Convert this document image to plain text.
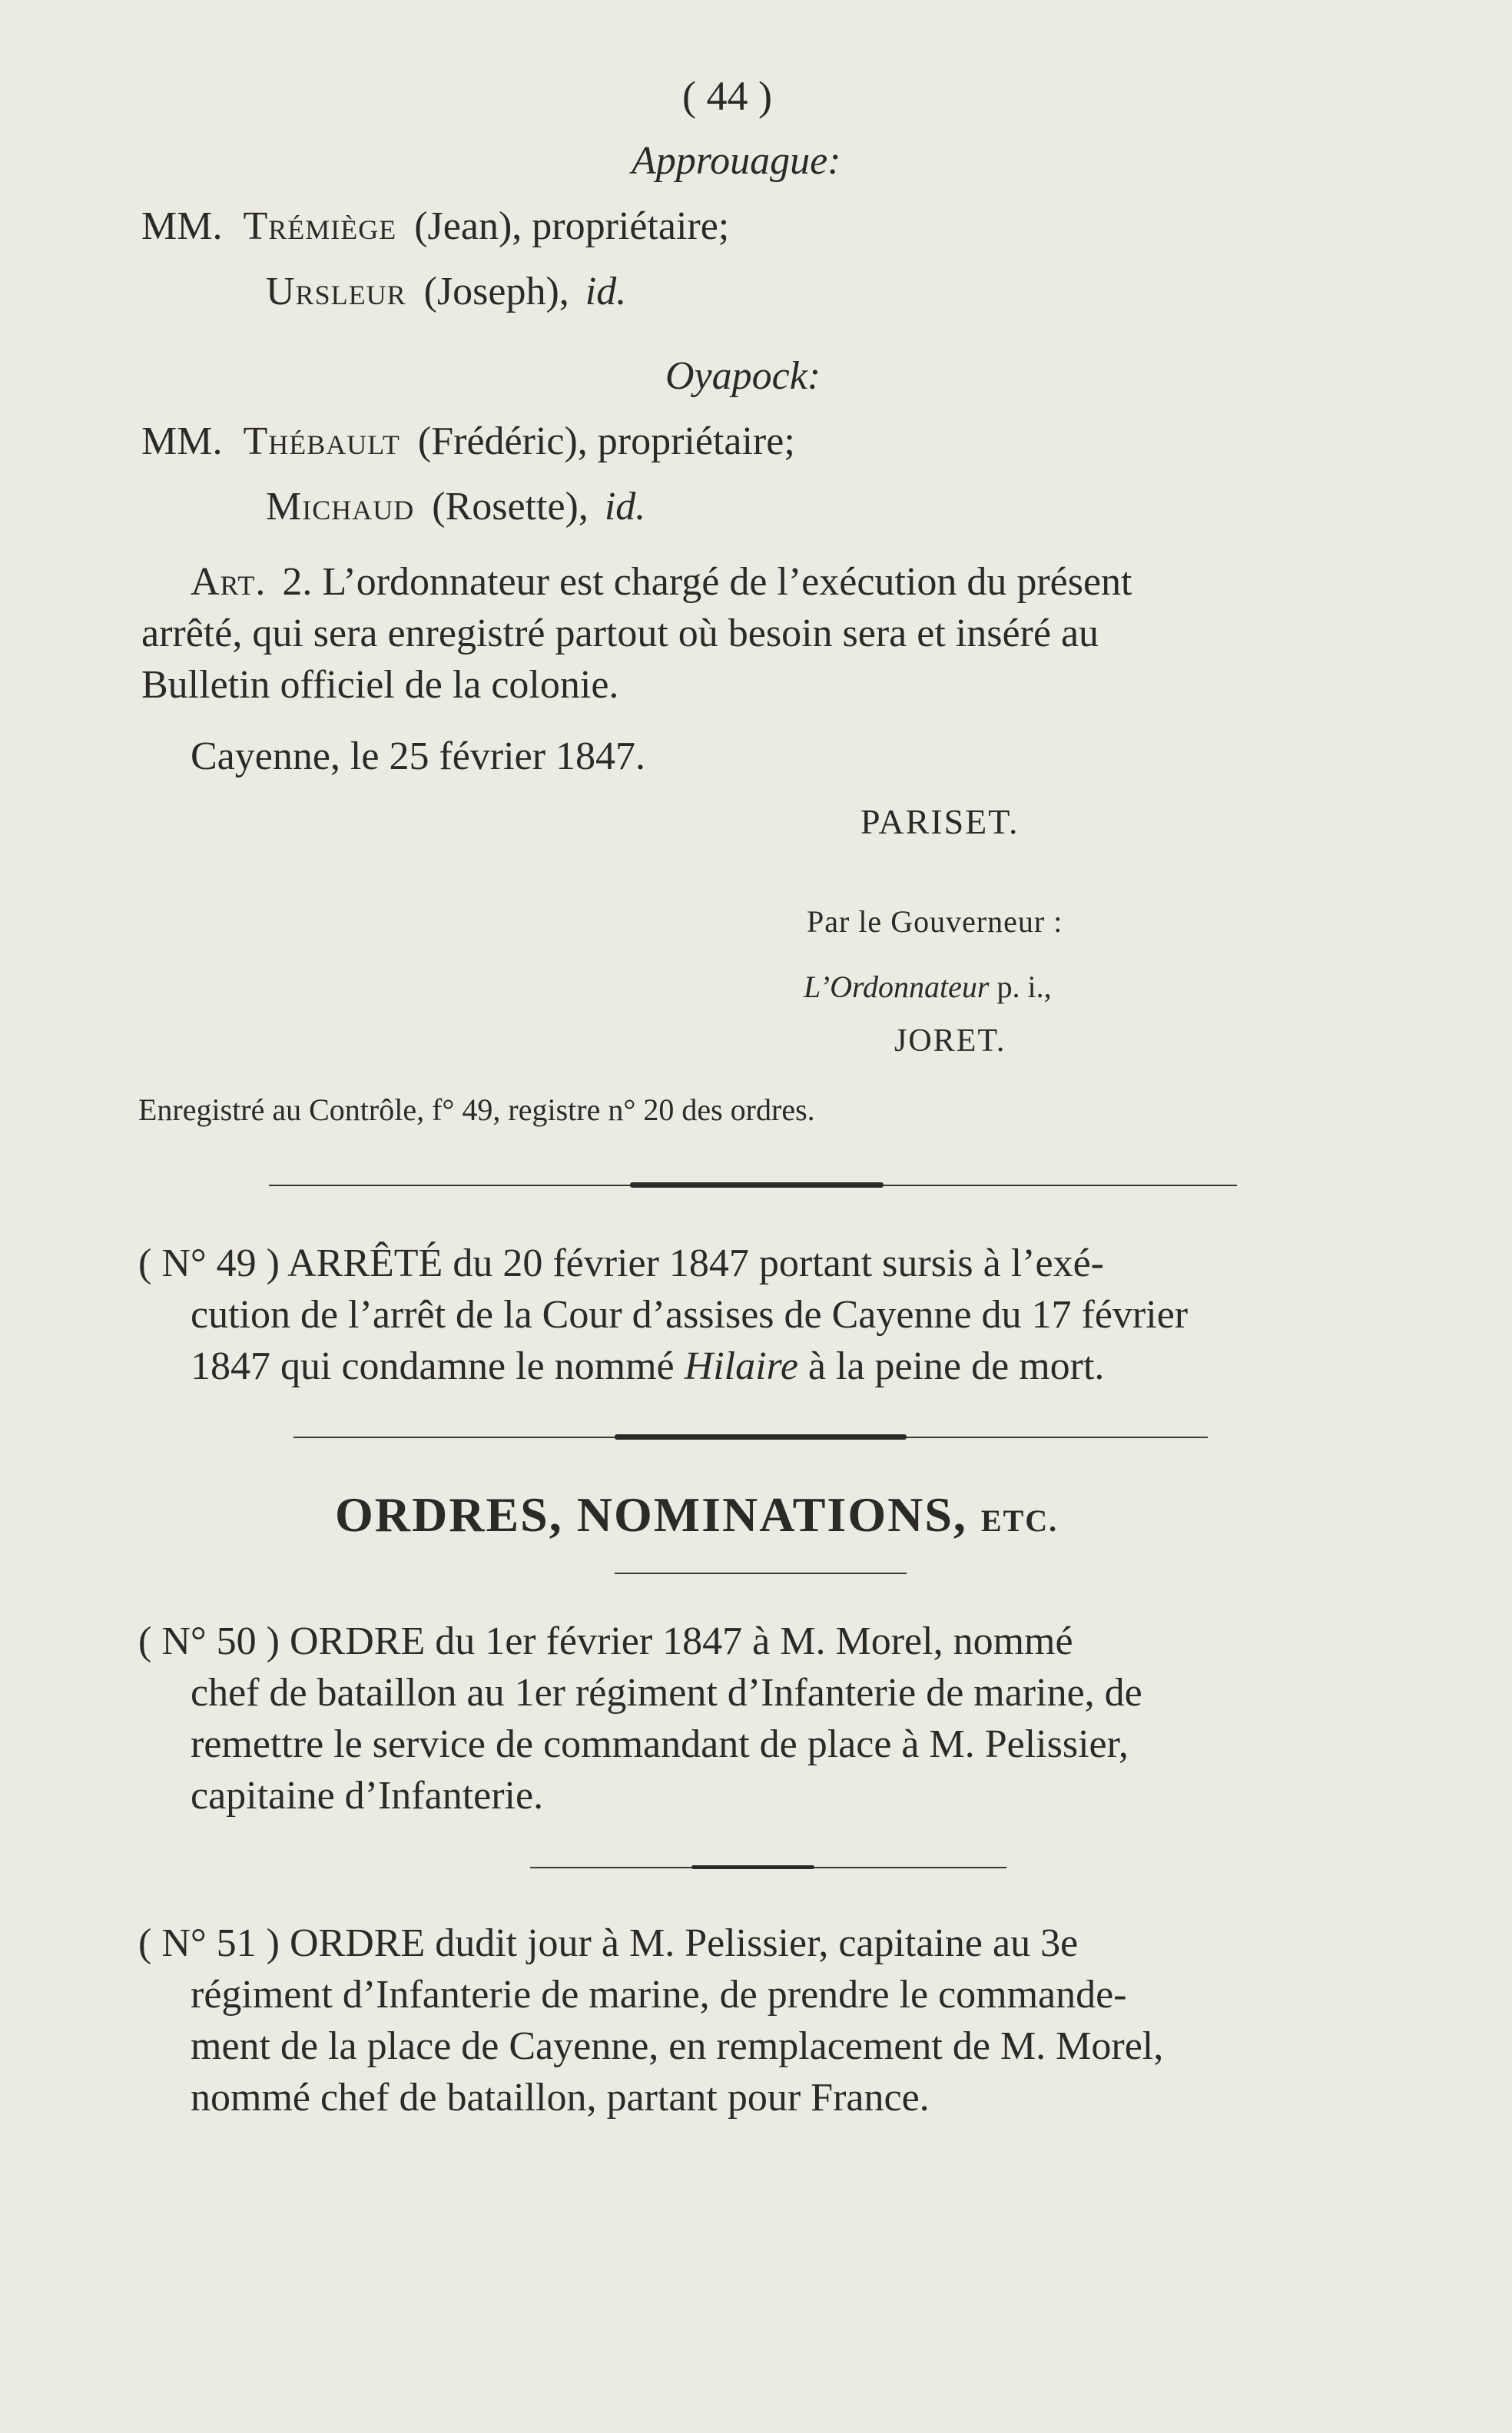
( 44 )
Approuague:
MM. Trémiège (Jean), propriétaire;
Ursleur (Joseph), id.
Oyapock:
MM. Thébault (Frédéric), propriétaire;
Michaud (Rosette), id.
Art. 2. L’ordonnateur est chargé de l’exécution du présent
arrêté, qui sera enregistré partout où besoin sera et inséré au
Bulletin officiel de la colonie.
Cayenne, le 25 février 1847.
PARISET.
Par le Gouverneur :
L’Ordonnateur p. i.,
JORET.
Enregistré au Contrôle, f° 49, registre n° 20 des ordres.
( N° 49 ) ARRÊTÉ du 20 février 1847 portant sursis à l’exé-
cution de l’arrêt de la Cour d’assises de Cayenne du 17 février
1847 qui condamne le nommé Hilaire à la peine de mort.
ORDRES, NOMINATIONS, ETC.
( N° 50 ) ORDRE du 1er février 1847 à M. Morel, nommé
chef de bataillon au 1er régiment d’Infanterie de marine, de
remettre le service de commandant de place à M. Pelissier,
capitaine d’Infanterie.
( N° 51 ) ORDRE dudit jour à M. Pelissier, capitaine au 3e
régiment d’Infanterie de marine, de prendre le commande-
ment de la place de Cayenne, en remplacement de M. Morel,
nommé chef de bataillon, partant pour France.
